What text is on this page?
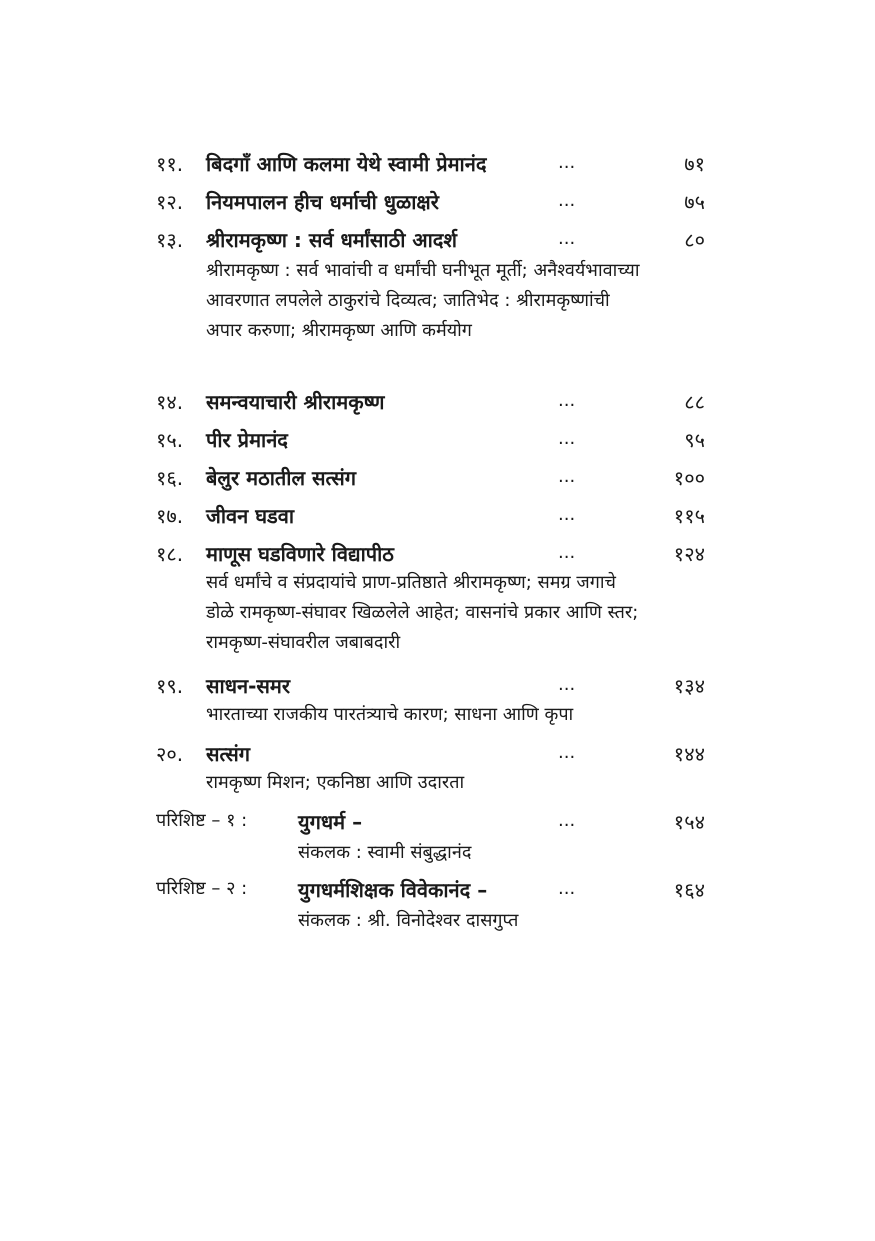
११. बिदगाँ आणि कलमा येथे स्वामी प्रेमानंद	...	७१
१२. नियमपालन हीच धर्माची धुळाक्षरे	...	७५
१३. श्रीरामकृष्ण : सर्व धर्मांसाठी आदर्श	...	८०
श्रीरामकृष्ण : सर्व भावांची व धर्मांची घनीभूत मूर्ती; अनैश्वर्यभावाच्या आवरणात लपलेले ठाकुरांचे दिव्यत्व; जातिभेद : श्रीरामकृष्णांची अपार करुणा; श्रीरामकृष्ण आणि कर्मयोग
१४. समन्वयाचारी श्रीरामकृष्ण	...	८८
१५. पीर प्रेमानंद	...	९५
१६. बेलुर मठातील सत्संग	...	१००
१७. जीवन घडवा	...	११५
१८. माणूस घडविणारे विद्यापीठ	...	१२४
सर्व धर्मांचे व संप्रदायांचे प्राण-प्रतिष्ठाते श्रीरामकृष्ण; समग्र जगाचे डोळे रामकृष्ण-संघावर खिळलेले आहेत; वासनांचे प्रकार आणि स्तर; रामकृष्ण-संघावरील जबाबदारी
१९. साधन-समर	...	१३४
भारताच्या राजकीय पारतंत्र्याचे कारण; साधना आणि कृपा
२०. सत्संग	...	१४४
रामकृष्ण मिशन; एकनिष्ठा आणि उदारता
परिशिष्ट – १ :	युगधर्म –	...	१५४
संकलक : स्वामी संबुद्धानंद
परिशिष्ट – २ :	युगधर्मशिक्षक विवेकानंद –	...	१६४
संकलक : श्री. विनोदेश्वर दासगुप्त
